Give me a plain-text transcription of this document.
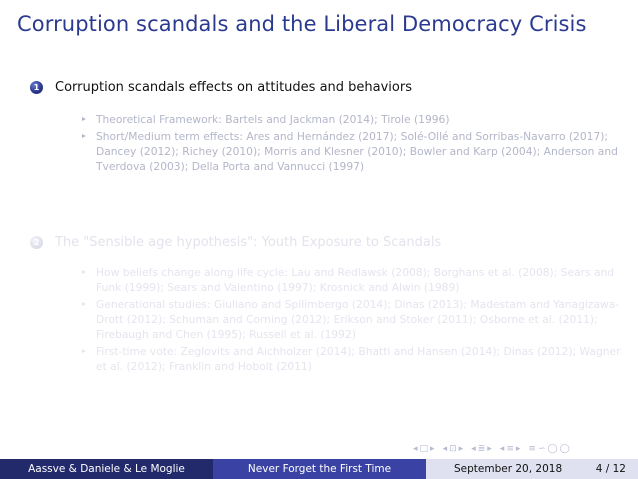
Corruption scandals and the Liberal Democracy Crisis
1 Corruption scandals effects on attitudes and behaviors
Theoretical Framework: Bartels and Jackman (2014); Tirole (1996)
Short/Medium term effects: Ares and Hernández (2017); Solé-Ollé and Sorribas-Navarro (2017); Dancey (2012); Richey (2010); Morris and Klesner (2010); Bowler and Karp (2004); Anderson and Tverdova (2003); Della Porta and Vannucci (1997)
2 The "Sensible age hypothesis": Youth Exposure to Scandals
How beliefs change along life cycle: Lau and Redlawsk (2008); Borghans et al. (2008); Sears and Funk (1999); Sears and Valentino (1997); Krosnick and Alwin (1989)
Generational studies: Giuliano and Spilimbergo (2014); Dinas (2013); Madestam and Yanagizawa-Drott (2012); Schuman and Corning (2012); Erikson and Stoker (2011); Osborne et al. (2011); Firebaugh and Chen (1995); Russell et al. (1992)
First-time vote: Zeglovits and Aichholzer (2014); Bhatti and Hansen (2014); Dinas (2012); Wagner et al. (2012); Franklin and Hobolt (2011)
◂ □ ▸ ◂ ⊡ ▸ ◂ ≣ ▸ ◂ ≡ ▸ ≡ ∽ ◯ ◯
Aassve & Daniele & Le Moglie	Never Forget the First Time	September 20, 2018	4 / 12
